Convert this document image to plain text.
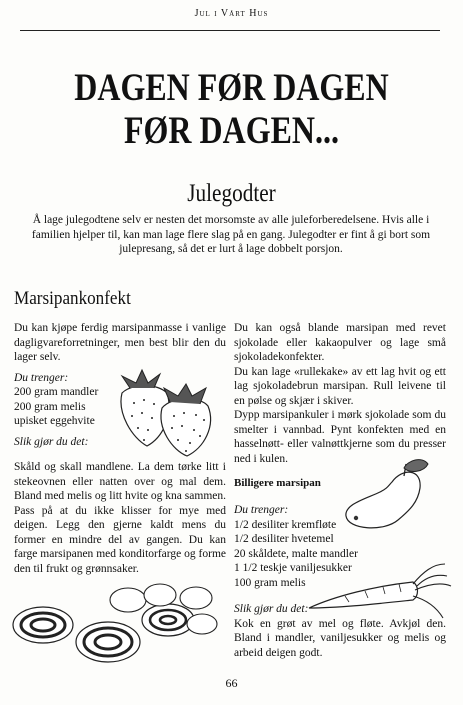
Jul i Vårt Hus
DAGEN FØR DAGEN
FØR DAGEN...
Julegodter

Å lage julegodtene selv er nesten det morsomste av alle juleforberedelsene. Hvis alle i familien hjelper til, kan man lage flere slag på en gang. Julegodter er fint å gi bort som julepresang, så det er lurt å lage dobbelt porsjon.

Marsipankonfekt

Du kan kjøpe ferdig marsipanmasse i vanlige dagligvareforretninger, men best blir den du lager selv.

Du trenger:

200 gram mandler

200 gram melis

upisket eggehvite

Slik gjør du det:

Skåld og skall mandlene. La dem tørke litt i stekeovnen eller natten over og mal dem. Bland med melis og litt hvite og kna sammen. Pass på at du ikke klisser for mye med deigen. Legg den gjerne kaldt mens du former en mindre del av gangen. Du kan farge marsipanen med konditorfarge og forme den til frukt og grønnsaker.

Du kan også blande marsipan med revet sjokolade eller kakaopulver og lage små sjokoladekonfekter.

Du kan lage «rullekake» av ett lag hvit og ett lag sjokoladebrun marsipan. Rull leivene til en pølse og skjær i skiver.

Dypp marsipankuler i mørk sjokolade som du smelter i vannbad. Pynt konfekten med en hasselnøtt- eller valnøttkjerne som du presser ned i kulen.

Billigere marsipan

Du trenger:

1/2 desiliter kremfløte

1/2 desiliter hvetemel

20 skåldete, malte mandler

1 1/2 teskje vaniljesukker

100 gram melis

Slik gjør du det:

Kok en grøt av mel og fløte. Avkjøl den. Bland i mandler, vaniljesukker og melis og arbeid deigen godt.

66
